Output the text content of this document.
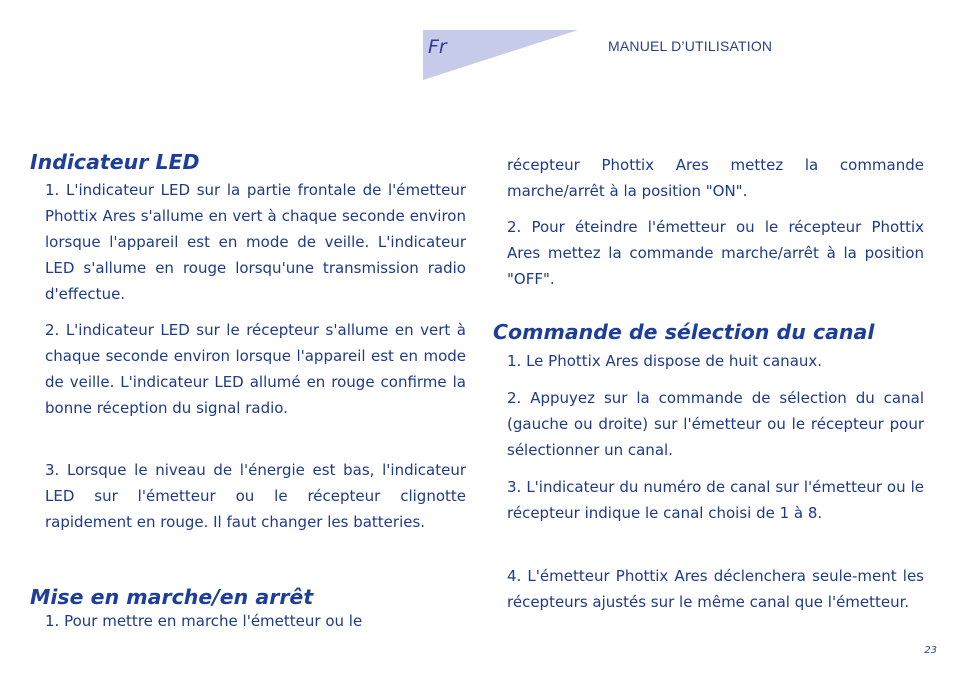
Fr	MANUEL D’UTILISATION
Indicateur LED

1. L'indicateur LED sur la partie frontale de l'émetteur Phottix Ares s'allume en vert à chaque seconde environ lorsque l'appareil est en mode de veille. L'indicateur LED s'allume en rouge lorsqu'une transmission radio d'effectue.

2. L'indicateur LED sur le récepteur s'allume en vert à chaque seconde environ lorsque l'appareil est en mode de veille. L'indicateur LED allumé en rouge confirme la bonne réception du signal radio.

3. Lorsque le niveau de l'énergie est bas, l'indicateur LED sur l'émetteur ou le récepteur clignotte rapidement en rouge. Il faut changer les batteries.

Mise en marche/en arrêt

1. Pour mettre en marche l'émetteur ou le

récepteur Phottix Ares mettez la commande marche/arrêt à la position "ON".

2. Pour éteindre l'émetteur ou le récepteur Phottix Ares mettez la commande marche/arrêt à la position "OFF".

Commande de sélection du canal

1. Le Phottix Ares dispose de huit canaux.

2. Appuyez sur la commande de sélection du canal (gauche ou droite) sur l'émetteur ou le récepteur pour sélectionner un canal.

3. L'indicateur du numéro de canal sur l'émetteur ou le récepteur indique le canal choisi de 1 à 8.

4. L'émetteur Phottix Ares déclenchera seule-ment les récepteurs ajustés sur le même canal que l'émetteur.

23
